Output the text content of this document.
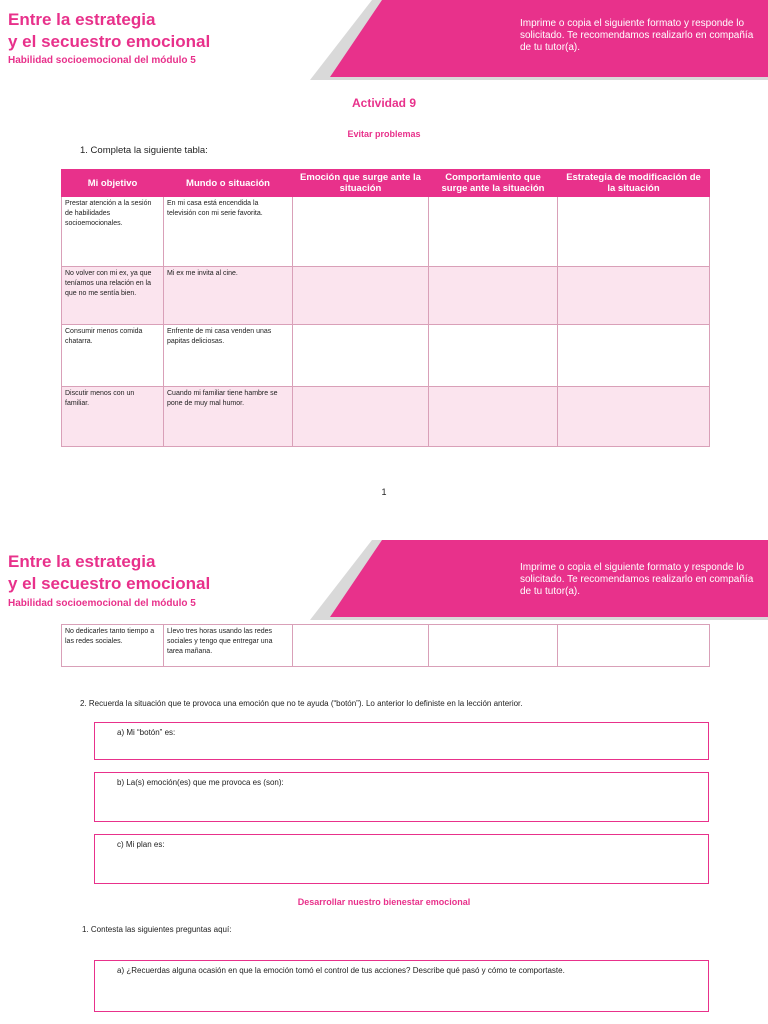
Entre la estrategia
y el secuestro emocional
Habilidad socioemocional del módulo 5
Imprime o copia el siguiente formato y responde lo solicitado. Te recomendamos realizarlo en compañía de tu tutor(a).
Actividad 9
Evitar problemas
1. Completa la siguiente tabla:
Mi objetivo	Mundo o situación	Emoción que surge ante la situación	Comportamiento que surge ante la situación	Estrategia de modificación de la situación
Prestar atención a la sesión de habilidades socioemocionales.	En mi casa está encendida la televisión con mi serie favorita.			
No volver con mi ex, ya que teníamos una relación en la que no me sentía bien.	Mi ex me invita al cine.			
Consumir menos comida chatarra.	Enfrente de mi casa venden unas papitas deliciosas.			
Discutir menos con un familiar.	Cuando mi familiar tiene hambre se pone de muy mal humor.			
1
Entre la estrategia
y el secuestro emocional
Habilidad socioemocional del módulo 5
Imprime o copia el siguiente formato y responde lo solicitado. Te recomendamos realizarlo en compañía de tu tutor(a).
No dedicarles tanto tiempo a las redes sociales.	Llevo tres horas usando las redes sociales y tengo que entregar una tarea mañana.			
2. Recuerda la situación que te provoca una emoción que no te ayuda (“botón”). Lo anterior lo definiste en la lección anterior.
a) Mi “botón” es:
b) La(s) emoción(es) que me provoca es (son):
c) Mi plan es:
Desarrollar nuestro bienestar emocional
1. Contesta las siguientes preguntas aquí:
a) ¿Recuerdas alguna ocasión en que la emoción tomó el control de tus acciones? Describe qué pasó y cómo te comportaste.
